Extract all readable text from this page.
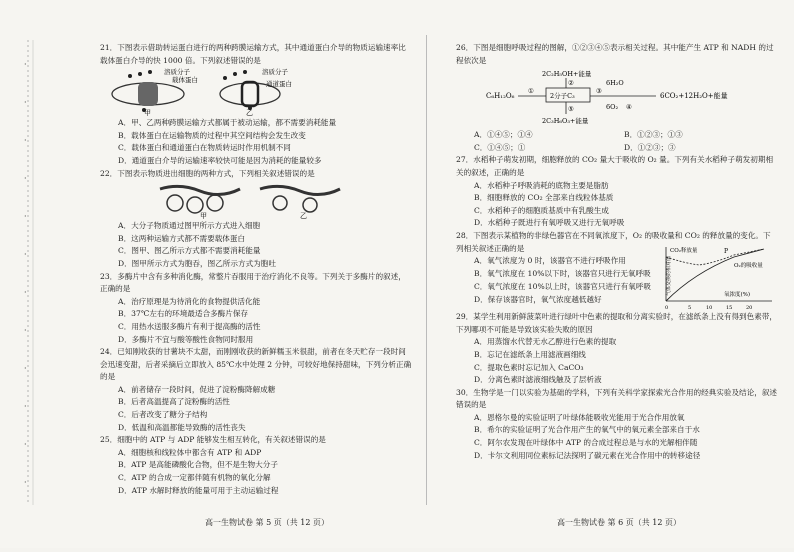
·
·
·
·
·
·
·
·
·
·
·
·

21．下图表示借助转运蛋白进行的两种跨膜运输方式，其中通道蛋白介导的物质运输速率比载体蛋白介导的快 1000 倍。下列叙述错误的是

溶质分子
载体蛋白
甲
溶质分子
通道蛋白
乙

A．甲、乙两种跨膜运输方式都属于被动运输，都不需要消耗能量

B．载体蛋白在运输物质的过程中其空间结构会发生改变

C．载体蛋白和通道蛋白在物质转运时作用机制不同

D．通道蛋白介导的运输速率较快可能是因为消耗的能量较多

22．下图表示物质进出细胞的两种方式，下列相关叙述错误的是

甲	乙

A．大分子物质通过图甲所示方式进入细胞

B．这两种运输方式都不需要载体蛋白

C．图甲、图乙所示方式都不需要消耗能量

D．图甲所示方式为胞吞，图乙所示方式为胞吐

23．多酶片中含有多种消化酶，常整片吞服用于治疗消化不良等。下列关于多酶片的叙述，正确的是

A．治疗原理是为待消化的食物提供活化能

B．37℃左右的环境最适合多酶片保存

C．用热水送服多酶片有利于提高酶的活性

D．多酶片不宜与酸等酸性食物同时服用

24．已知刚收获的甘薯块不太甜，而刚刚收获的新鲜糯玉米很甜，前者在冬天贮存一段时间会迅速变甜，后者采摘后立即放入 85℃水中处理 2 分钟，可较好地保持甜味，下列分析正确的是

A．前者储存一段时间，促进了淀粉酶降解成糖

B．后者高温提高了淀粉酶的活性

C．后者改变了糖分子结构

D．低温和高温都能导致酶的活性丧失

25．细胞中的 ATP 与 ADP 能够发生相互转化，有关叙述错误的是

A．细胞核和线粒体中都含有 ATP 和 ADP

B．ATP 是高能磷酸化合物，但不是生物大分子

C．ATP 的合成一定都伴随有机物的氧化分解

D．ATP 水解时释放的能量可用于主动运输过程

26．下图是细胞呼吸过程的图解，①②③④⑤表示相关过程。其中能产生 ATP 和 NADH 的过程依次是

C₆H₁₂O₆
①
2分子C₃
2C₂H₅OH+能量
②
2C₃H₆O₃+能量
⑤
6H₂O
③
6O₂ ④
6CO₂+12H₂O+能量
A．①④⑤；①④	B．①②③；①③
C．①④⑤；①	D．①②③；③

27．水稻种子萌发初期，细胞释放的 CO₂ 量大于吸收的 O₂ 量。下列有关水稻种子萌发初期相关的叙述，正确的是

A．水稻种子呼吸消耗的底物主要是脂肪

B．细胞释放的 CO₂ 全部来自线粒体基质

C．水稻种子的细胞质基质中有乳酸生成

D．水稻种子既进行有氧呼吸又进行无氧呼吸

28．下图表示某植物的非绿色器官在不同氧浓度下，O₂ 的吸收量和 CO₂ 的释放量的变化。下列相关叙述正确的是

A．氧气浓度为 0 时，该器官不进行呼吸作用

B．氧气浓度在 10%以下时，该器官只进行无氧呼吸

C．氧气浓度在 10%以上时，该器官只进行有氧呼吸

D．保存该器官时，氧气浓度越低越好

P
CO₂释放量
O₂的吸收量
气体交换的相对值
0	5	10	15	20
氧浓度(%)

29．某学生利用新鲜菠菜叶进行绿叶中色素的提取和分离实验时，在滤纸条上没有得到色素带，下列哪项不可能是导致该实验失败的原因

A．用蒸馏水代替无水乙醇进行色素的提取

B．忘记在滤纸条上用滤液画细线

C．提取色素时忘记加入 CaCO₃

D．分离色素时滤液细线触及了层析液

30．生物学是一门以实验为基础的学科，下列有关科学家探索光合作用的经典实验及结论，叙述错误的是

A．恩格尔曼的实验证明了叶绿体能吸收光能用于光合作用放氧

B．希尔的实验证明了光合作用产生的氧气中的氧元素全部来自于水

C．阿尔农发现在叶绿体中 ATP 的合成过程总是与水的光解相伴随

D．卡尔文利用同位素标记法探明了碳元素在光合作用中的转移途径

高一生物试卷 第 5 页（共 12 页）	高一生物试卷 第 6 页（共 12 页）
